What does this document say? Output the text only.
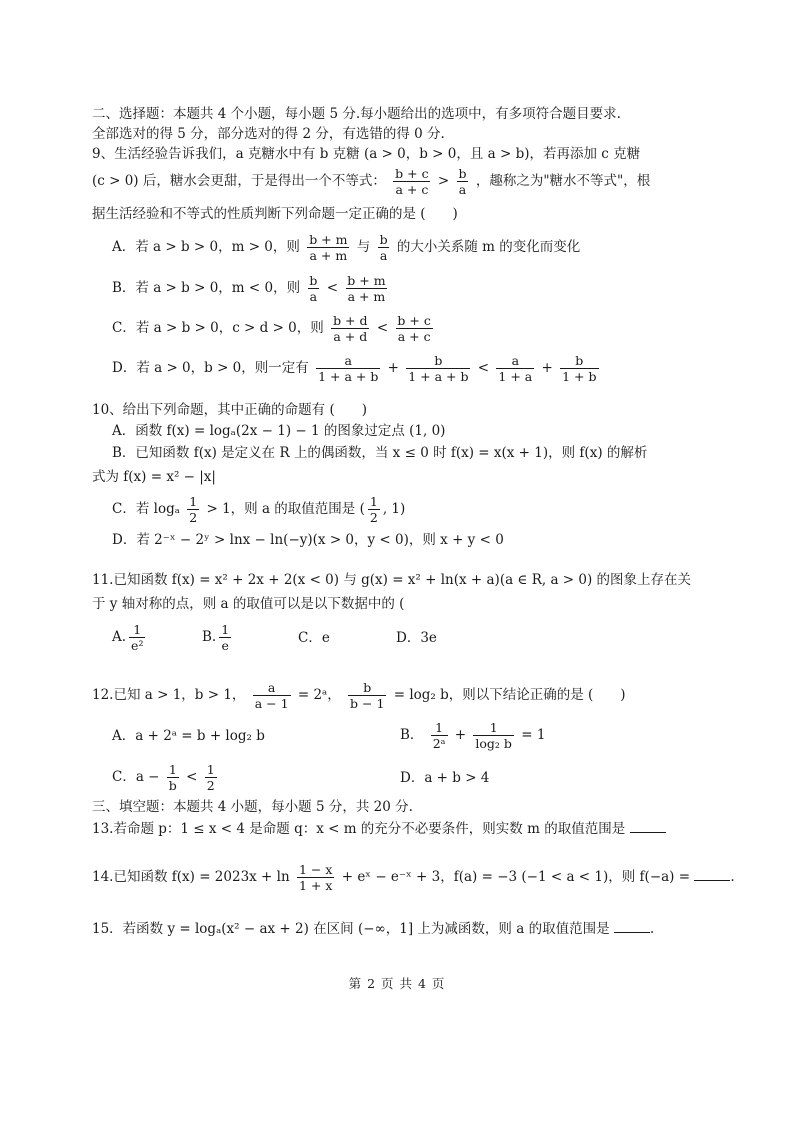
二、选择题：本题共 4 个小题，每小题 5 分.每小题给出的选项中，有多项符合题目要求.
全部选对的得 5 分，部分选对的得 2 分，有选错的得 0 分.
9、生活经验告诉我们，a 克糖水中有 b 克糖 (a > 0，b > 0，且 a > b)，若再添加 c 克糖
(c > 0) 后，糖水会更甜，于是得出一个不等式： $\frac{b + c}{a + c} > \frac{b}{a}$ ，趣称之为"糖水不等式"，根
据生活经验和不等式的性质判断下列命题一定正确的是 (　　)
A．若 a > b > 0，m > 0，则 $\frac{b + m}{a + m}$ 与 $\frac{b}{a}$ 的大小关系随 m 的变化而变化
B．若 a > b > 0，m < 0，则 $\frac{b}{a} < \frac{b + m}{a + m}$
C．若 a > b > 0，c > d > 0，则 $\frac{b + d}{a + d} < \frac{b + c}{a + c}$
D．若 a > 0，b > 0，则一定有 $\frac{a}{1 + a + b} + \frac{b}{1 + a + b} < \frac{a}{1 + a} + \frac{b}{1 + b}$
10、给出下列命题，其中正确的命题有 (　　)
A．函数 f(x) = logₐ(2x − 1) − 1 的图象过定点 (1, 0)
B．已知函数 f(x) 是定义在 R 上的偶函数，当 x ≤ 0 时 f(x) = x(x + 1)，则 f(x) 的解析
式为 f(x) = x² − |x|
C．若 logₐ $\frac{1}{2} > 1$，则 a 的取值范围是 ( $\frac{1}{2}$ , 1)
D．若 2⁻ˣ − 2ʸ > lnx − ln(−y)(x > 0，y < 0)，则 x + y < 0
11.已知函数 f(x) = x² + 2x + 2(x < 0) 与 g(x) = x² + ln(x + a)(a ∈ R, a > 0) 的图象上存在关
于 y 轴对称的点，则 a 的取值可以是以下数据中的 (
A. $\frac{1}{\text{e²}}$	B. $\frac{1}{e}$	C．e	D．3e
12.已知 a > 1，b > 1， $\frac{a}{a - 1}$ = 2ᵃ， $\frac{b}{b - 1} = \log_2$ b，则以下结论正确的是 (　　)
A．a + 2ᵃ = b + log₂ b	B． $\frac{1}{\text{2ᵃ}} + \frac{1}{\text{log₂ b}} = 1$
C．$a - \frac{1}{b} < \frac{1}{2}$	D．a + b > 4
三、填空题：本题共 4 小题，每小题 5 分，共 20 分.
13.若命题 p：1 ≤ x < 4 是命题 q：x < m 的充分不必要条件，则实数 m 的取值范围是
14.已知函数 $f(x) = 2023x + \ln \frac{1 - x}{1 + x}$ + eˣ − e⁻ˣ + 3，f(a) = −3 (−1 < a < 1)，则 f(−a) =	.
15．若函数 y = logₐ(x² − ax + 2) 在区间 (−∞，1] 上为减函数，则 a 的取值范围是	.
第 2 页 共 4 页
